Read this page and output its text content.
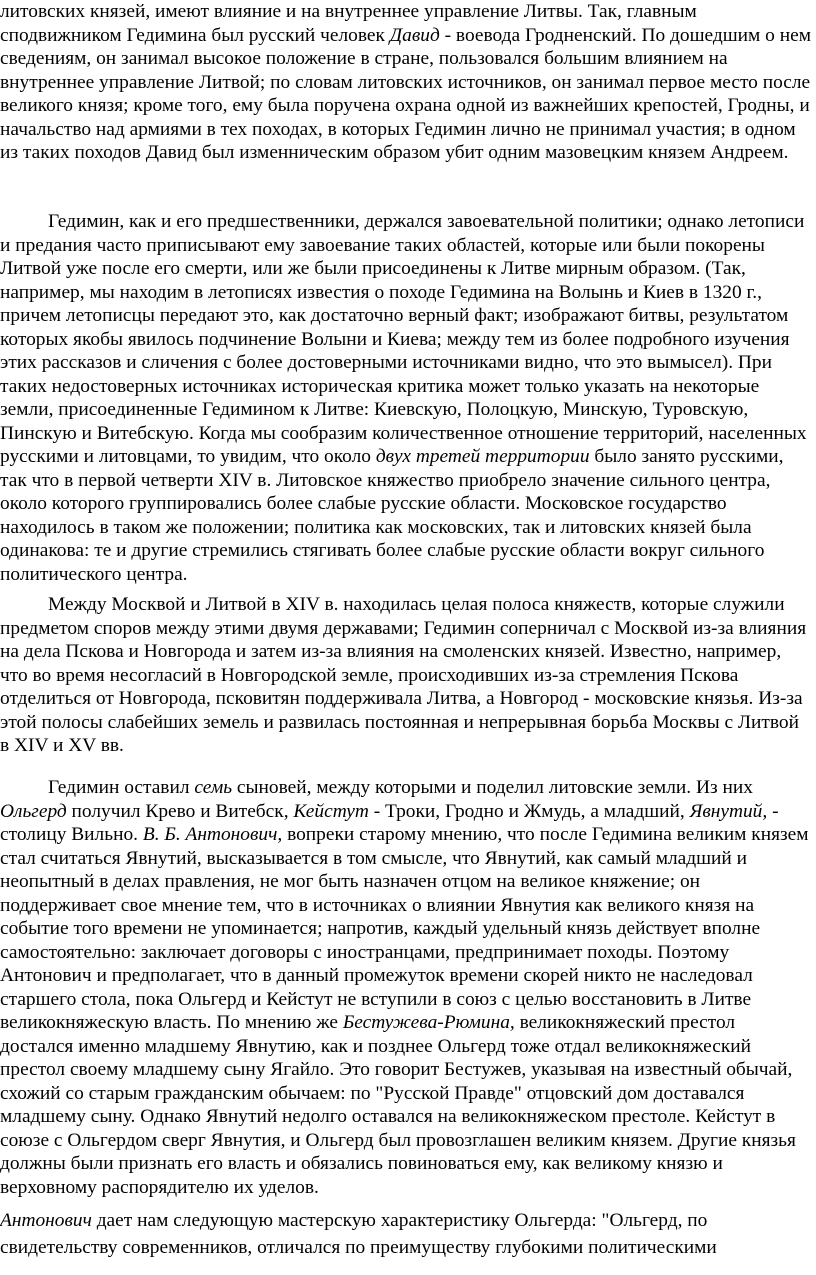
литовских князей, имеют влияние и на внутреннее управление Литвы. Так, главным сподвижником Гедимина был русский человек Давид - воевода Гродненский. По дошедшим о нем сведениям, он занимал высокое положение в стране, пользовался большим влиянием на внутреннее управление Литвой; по словам литовских источников, он занимал первое место после великого князя; кроме того, ему была поручена охрана одной из важнейших крепостей, Гродны, и начальство над армиями в тех походах, в которых Гедимин лично не принимал участия; в одном из таких походов Давид был изменническим образом убит одним мазовецким князем Андреем.

Гедимин, как и его предшественники, держался завоевательной политики; однако летописи и предания часто приписывают ему завоевание таких областей, которые или были покорены Литвой уже после его смерти, или же были присоединены к Литве мирным образом. (Так, например, мы находим в летописях известия о походе Гедимина на Волынь и Киев в 1320 г., причем летописцы передают это, как достаточно верный факт; изображают битвы, результатом которых якобы явилось подчинение Волыни и Киева; между тем из более подробного изучения этих рассказов и сличения с более достоверными источниками видно, что это вымысел). При таких недостоверных источниках историческая критика может только указать на некоторые земли, присоединенные Гедимином к Литве: Киевскую, Полоцкую, Минскую, Туровскую, Пинскую и Витебскую. Когда мы сообразим количественное отношение территорий, населенных русскими и литовцами, то увидим, что около двух третей территории было занято русскими, так что в первой четверти XIV в. Литовское княжество приобрело значение сильного центра, около которого группировались более слабые русские области. Московское государство находилось в таком же положении; политика как московских, так и литовских князей была одинакова: те и другие стремились стягивать более слабые русские области вокруг сильного политического центра.

Между Москвой и Литвой в XIV в. находилась целая полоса княжеств, которые служили предметом споров между этими двумя державами; Гедимин соперничал с Москвой из-за влияния на дела Пскова и Новгорода и затем из-за влияния на смоленских князей. Известно, например, что во время несогласий в Новгородской земле, происходивших из-за стремления Пскова отделиться от Новгорода, псковитян поддерживала Литва, а Новгород - московские князья. Из-за этой полосы слабейших земель и развилась постоянная и непрерывная борьба Москвы с Литвой в XIV и XV вв.

Гедимин оставил семь сыновей, между которыми и поделил литовские земли. Из них Ольгерд получил Крево и Витебск, Кейстут - Троки, Гродно и Жмудь, а младший, Явнутий, - столицу Вильно. В. Б. Антонович, вопреки старому мнению, что после Гедимина великим князем стал считаться Явнутий, высказывается в том смысле, что Явнутий, как самый младший и неопытный в делах правления, не мог быть назначен отцом на великое княжение; он поддерживает свое мнение тем, что в источниках о влиянии Явнутия как великого князя на событие того времени не упоминается; напротив, каждый удельный князь действует вполне самостоятельно: заключает договоры с иностранцами, предпринимает походы. Поэтому Антонович и предполагает, что в данный промежуток времени скорей никто не наследовал старшего стола, пока Ольгерд и Кейстут не вступили в союз с целью восстановить в Литве великокняжескую власть. По мнению же Бестужева-Рюмина, великокняжеский престол достался именно младшему Явнутию, как и позднее Ольгерд тоже отдал великокняжеский престол своему младшему сыну Ягайло. Это говорит Бестужев, указывая на известный обычай, схожий со старым гражданским обычаем: по "Русской Правде" отцовский дом доставался младшему сыну. Однако Явнутий недолго оставался на великокняжеском престоле. Кейстут в союзе с Ольгердом сверг Явнутия, и Ольгерд был провозглашен великим князем. Другие князья должны были признать его власть и обязались повиноваться ему, как великому князю и верховному распорядителю их уделов.

Антонович дает нам следующую мастерскую характеристику Ольгерда: "Ольгерд, по свидетельству современников, отличался по преимуществу глубокими политическими
